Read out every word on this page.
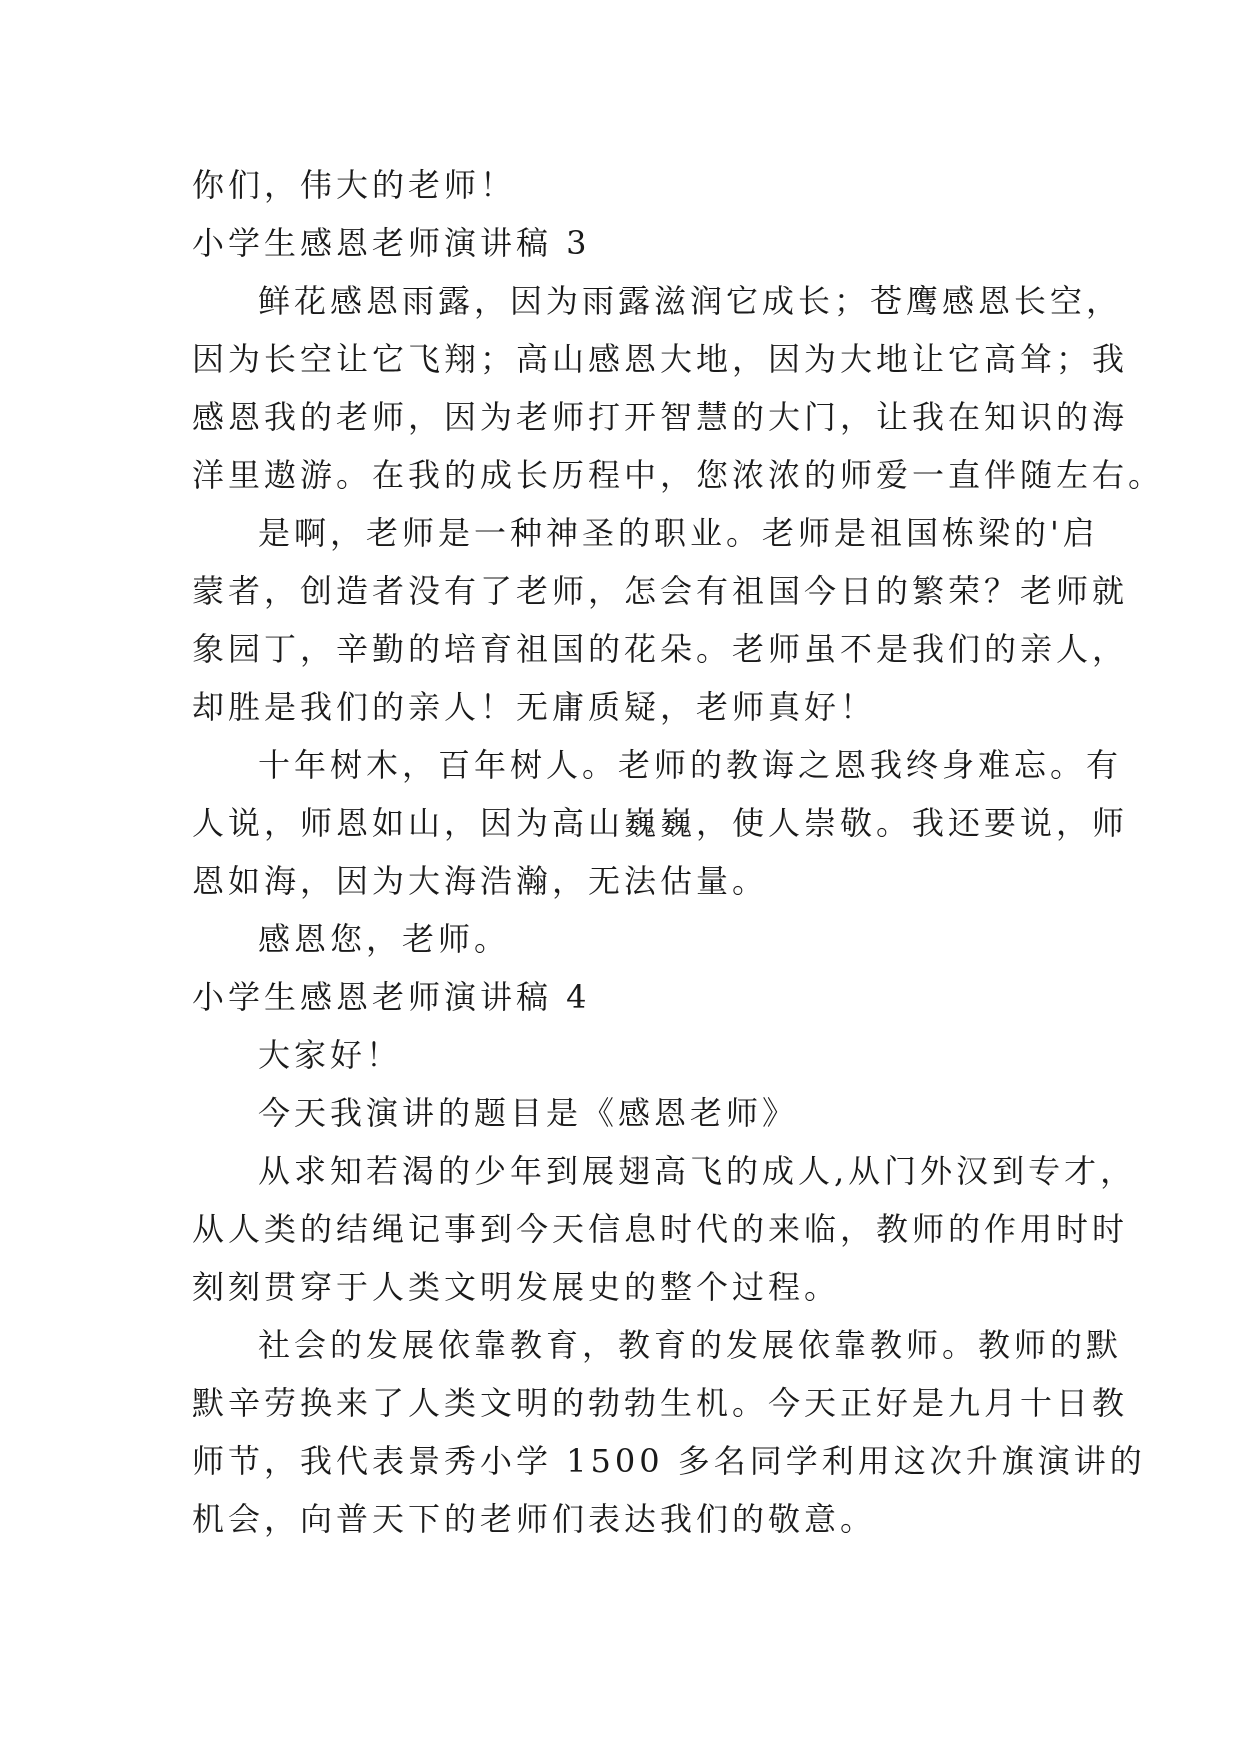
你们，伟大的老师！
小学生感恩老师演讲稿 3
鲜花感恩雨露，因为雨露滋润它成长；苍鹰感恩长空，
因为长空让它飞翔；高山感恩大地，因为大地让它高耸；我
感恩我的老师，因为老师打开智慧的大门，让我在知识的海
洋里遨游。在我的成长历程中，您浓浓的师爱一直伴随左右。
是啊，老师是一种神圣的职业。老师是祖国栋梁的'启
蒙者，创造者没有了老师，怎会有祖国今日的繁荣？老师就
象园丁，辛勤的培育祖国的花朵。老师虽不是我们的亲人，
却胜是我们的亲人！无庸质疑，老师真好！
十年树木，百年树人。老师的教诲之恩我终身难忘。有
人说，师恩如山，因为高山巍巍，使人崇敬。我还要说，师
恩如海，因为大海浩瀚，无法估量。
感恩您，老师。
小学生感恩老师演讲稿 4
大家好！
今天我演讲的题目是《感恩老师》
从求知若渴的少年到展翅高飞的成人,从门外汉到专才，
从人类的结绳记事到今天信息时代的来临，教师的作用时时
刻刻贯穿于人类文明发展史的整个过程。
社会的发展依靠教育，教育的发展依靠教师。教师的默
默辛劳换来了人类文明的勃勃生机。今天正好是九月十日教
师节，我代表景秀小学 1500 多名同学利用这次升旗演讲的
机会，向普天下的老师们表达我们的敬意。
